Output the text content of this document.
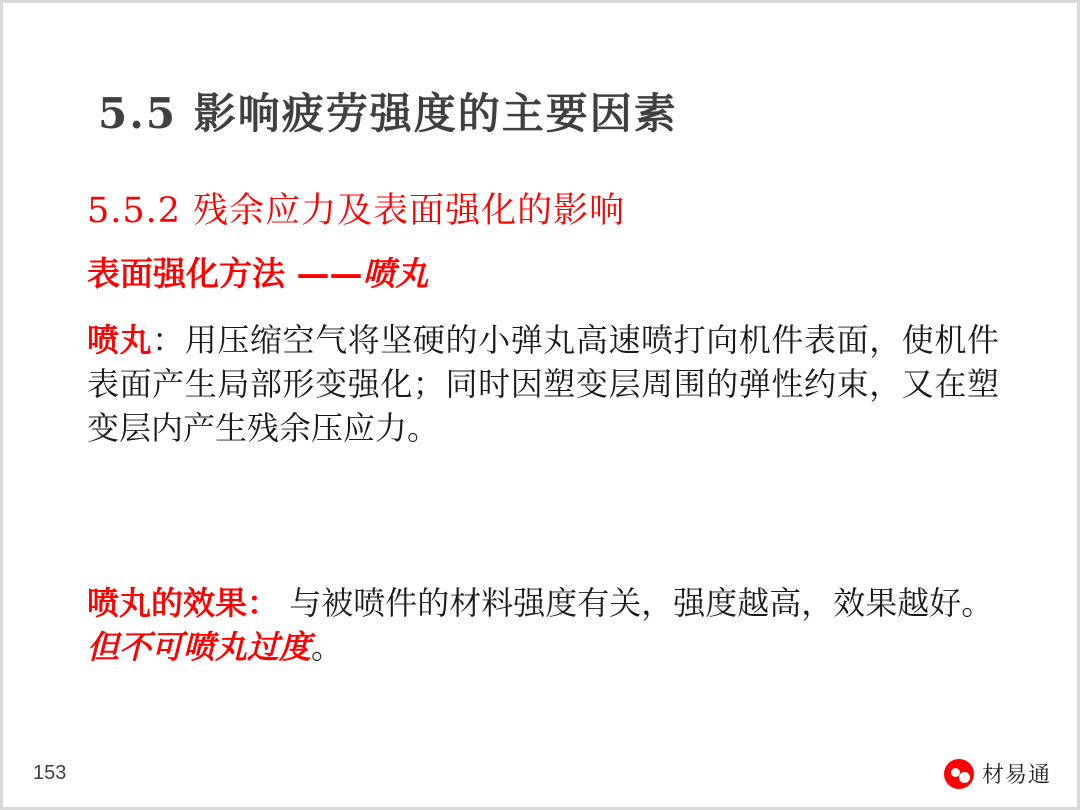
5.5 影响疲劳强度的主要因素
5.5.2 残余应力及表面强化的影响
表面强化方法 ——喷丸
喷丸：用压缩空气将坚硬的小弹丸高速喷打向机件表面，使机件表面产生局部形变强化；同时因塑变层周围的弹性约束，又在塑变层内产生残余压应力。
喷丸的效果： 与被喷件的材料强度有关，强度越高，效果越好。但不可喷丸过度。
153	材易通
